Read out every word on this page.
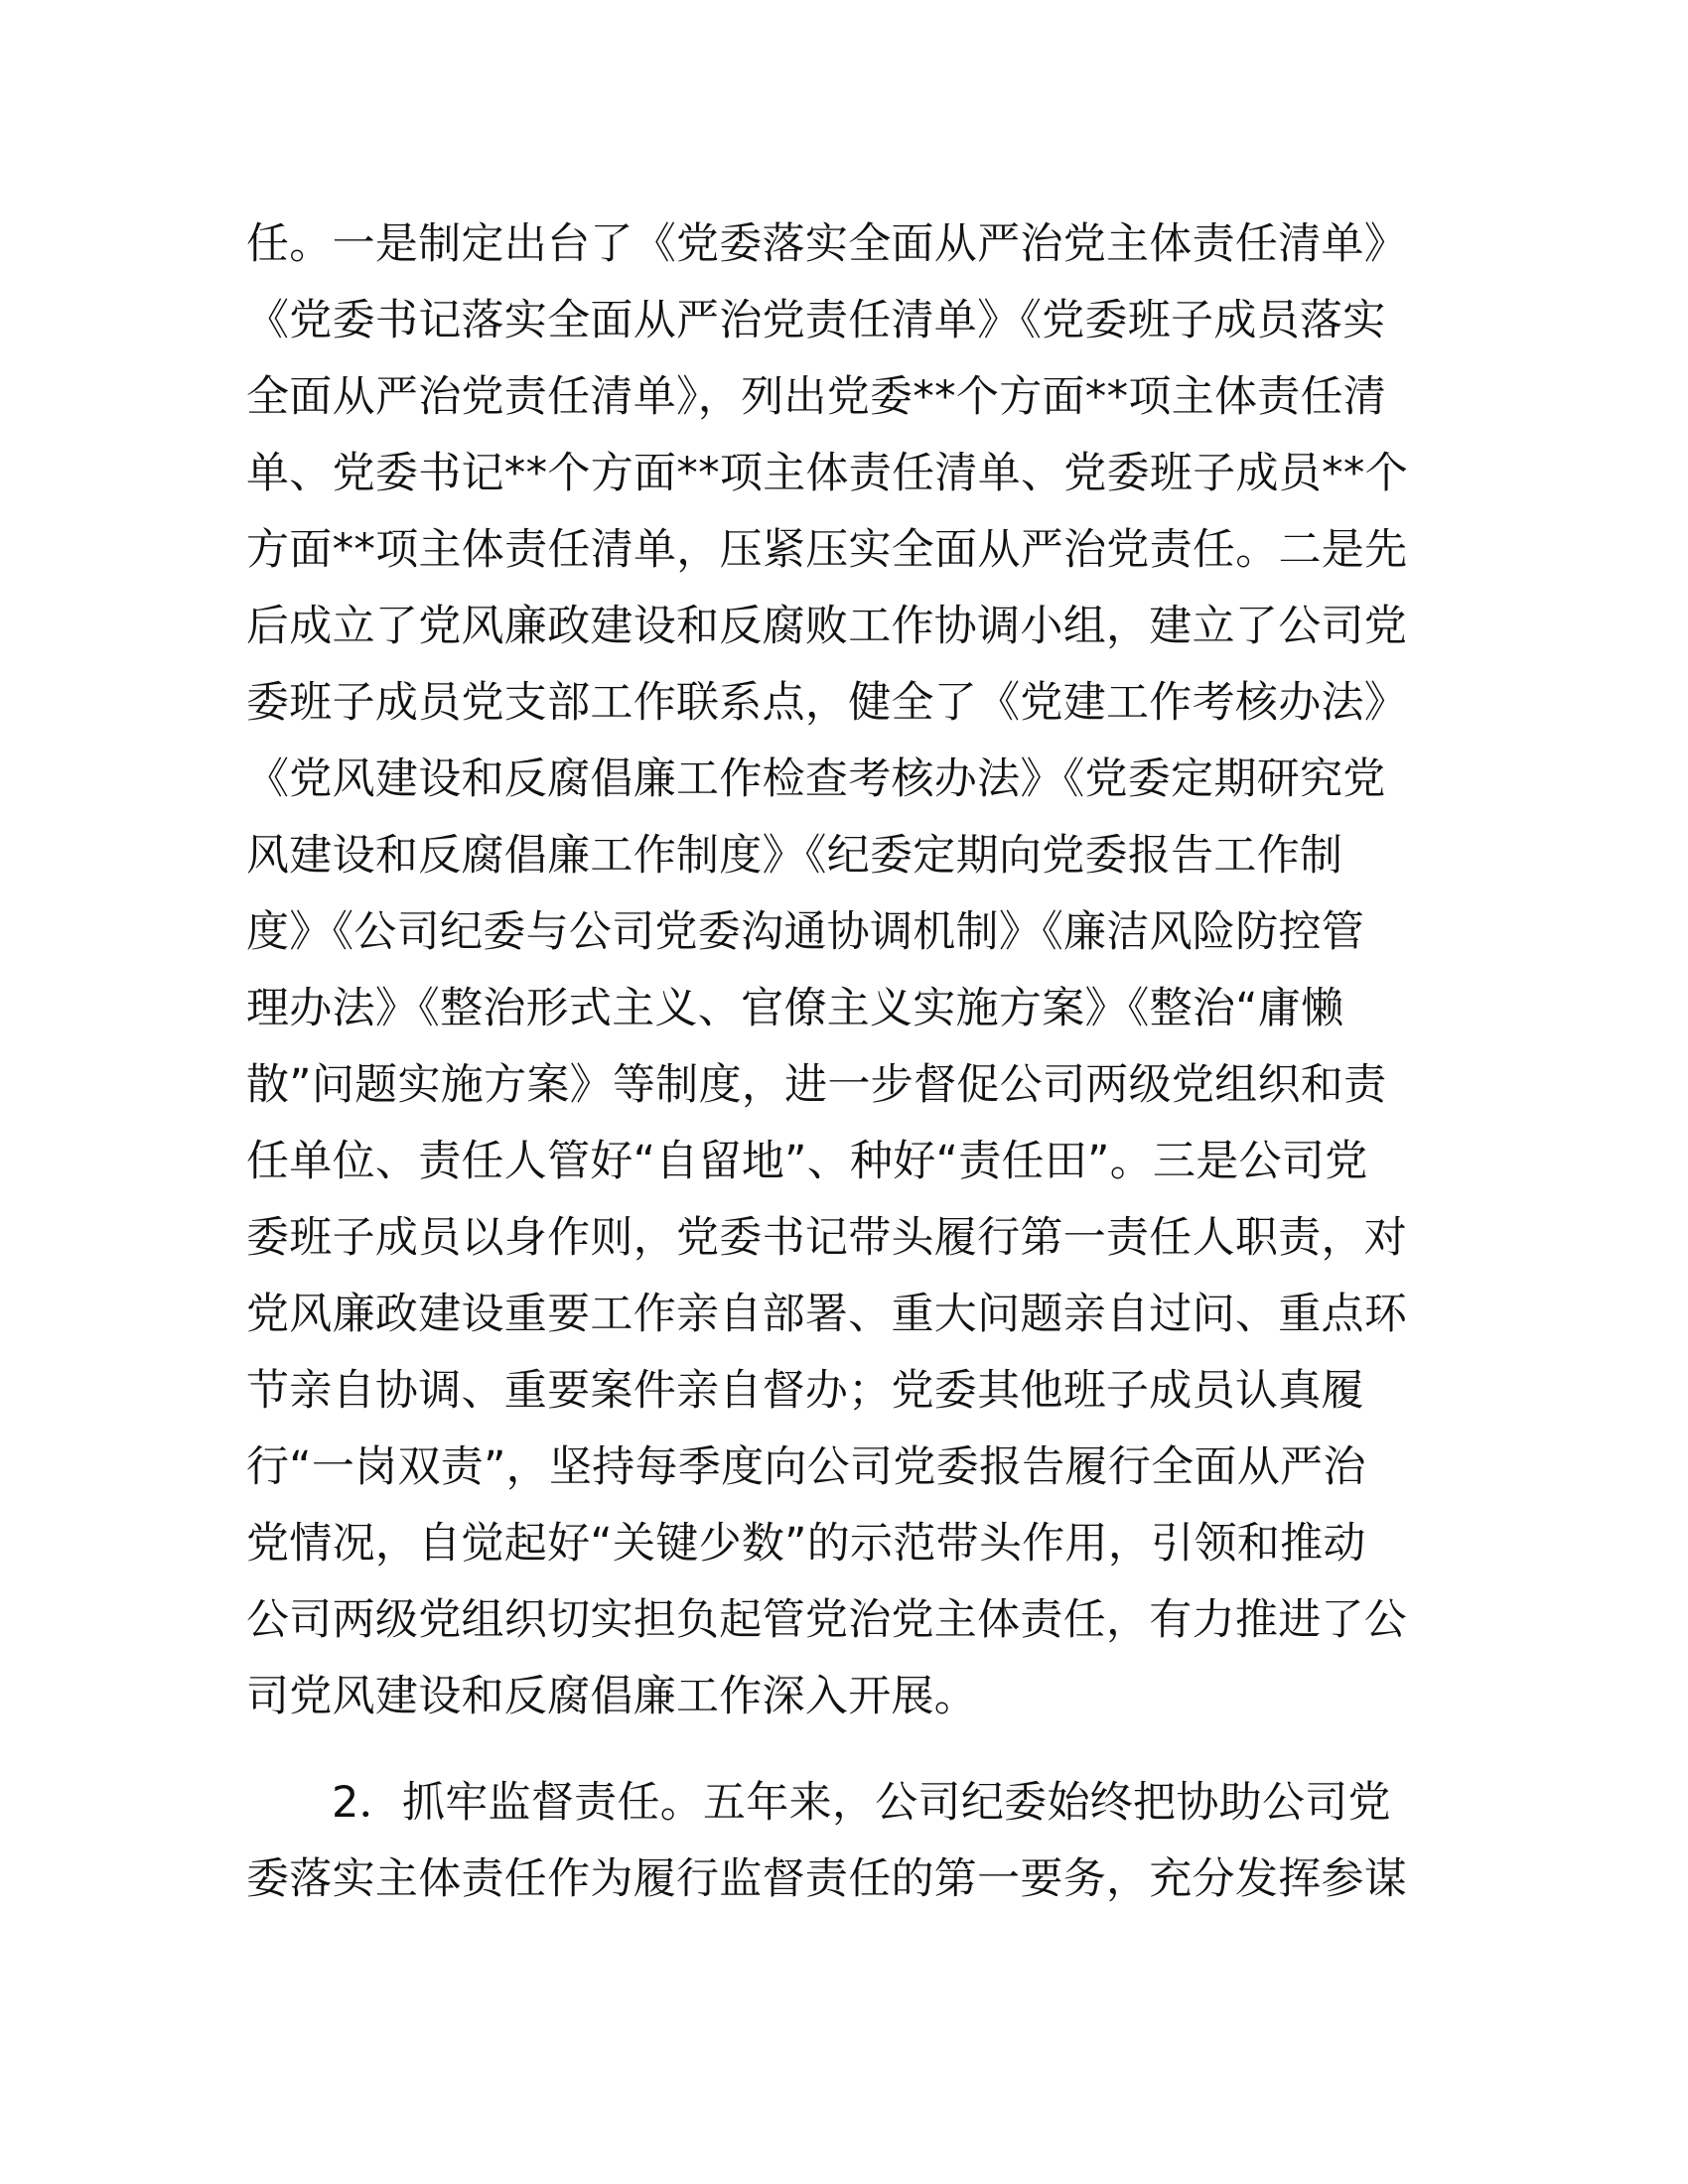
任。一是制定出台了《党委落实全面从严治党主体责任清单》
《党委书记落实全面从严治党责任清单》《党委班子成员落实
全面从严治党责任清单》，列出党委**个方面**项主体责任清
单、党委书记**个方面**项主体责任清单、党委班子成员**个
方面**项主体责任清单，压紧压实全面从严治党责任。二是先
后成立了党风廉政建设和反腐败工作协调小组，建立了公司党
委班子成员党支部工作联系点，健全了《党建工作考核办法》
《党风建设和反腐倡廉工作检查考核办法》《党委定期研究党
风建设和反腐倡廉工作制度》《纪委定期向党委报告工作制
度》《公司纪委与公司党委沟通协调机制》《廉洁风险防控管
理办法》《整治形式主义、官僚主义实施方案》《整治“庸懒
散”问题实施方案》等制度，进一步督促公司两级党组织和责
任单位、责任人管好“自留地”、种好“责任田”。三是公司党
委班子成员以身作则，党委书记带头履行第一责任人职责，对
党风廉政建设重要工作亲自部署、重大问题亲自过问、重点环
节亲自协调、重要案件亲自督办；党委其他班子成员认真履
行“一岗双责”，坚持每季度向公司党委报告履行全面从严治
党情况，自觉起好“关键少数”的示范带头作用，引领和推动
公司两级党组织切实担负起管党治党主体责任，有力推进了公
司党风建设和反腐倡廉工作深入开展。
2．抓牢监督责任。五年来，公司纪委始终把协助公司党
委落实主体责任作为履行监督责任的第一要务，充分发挥参谋
